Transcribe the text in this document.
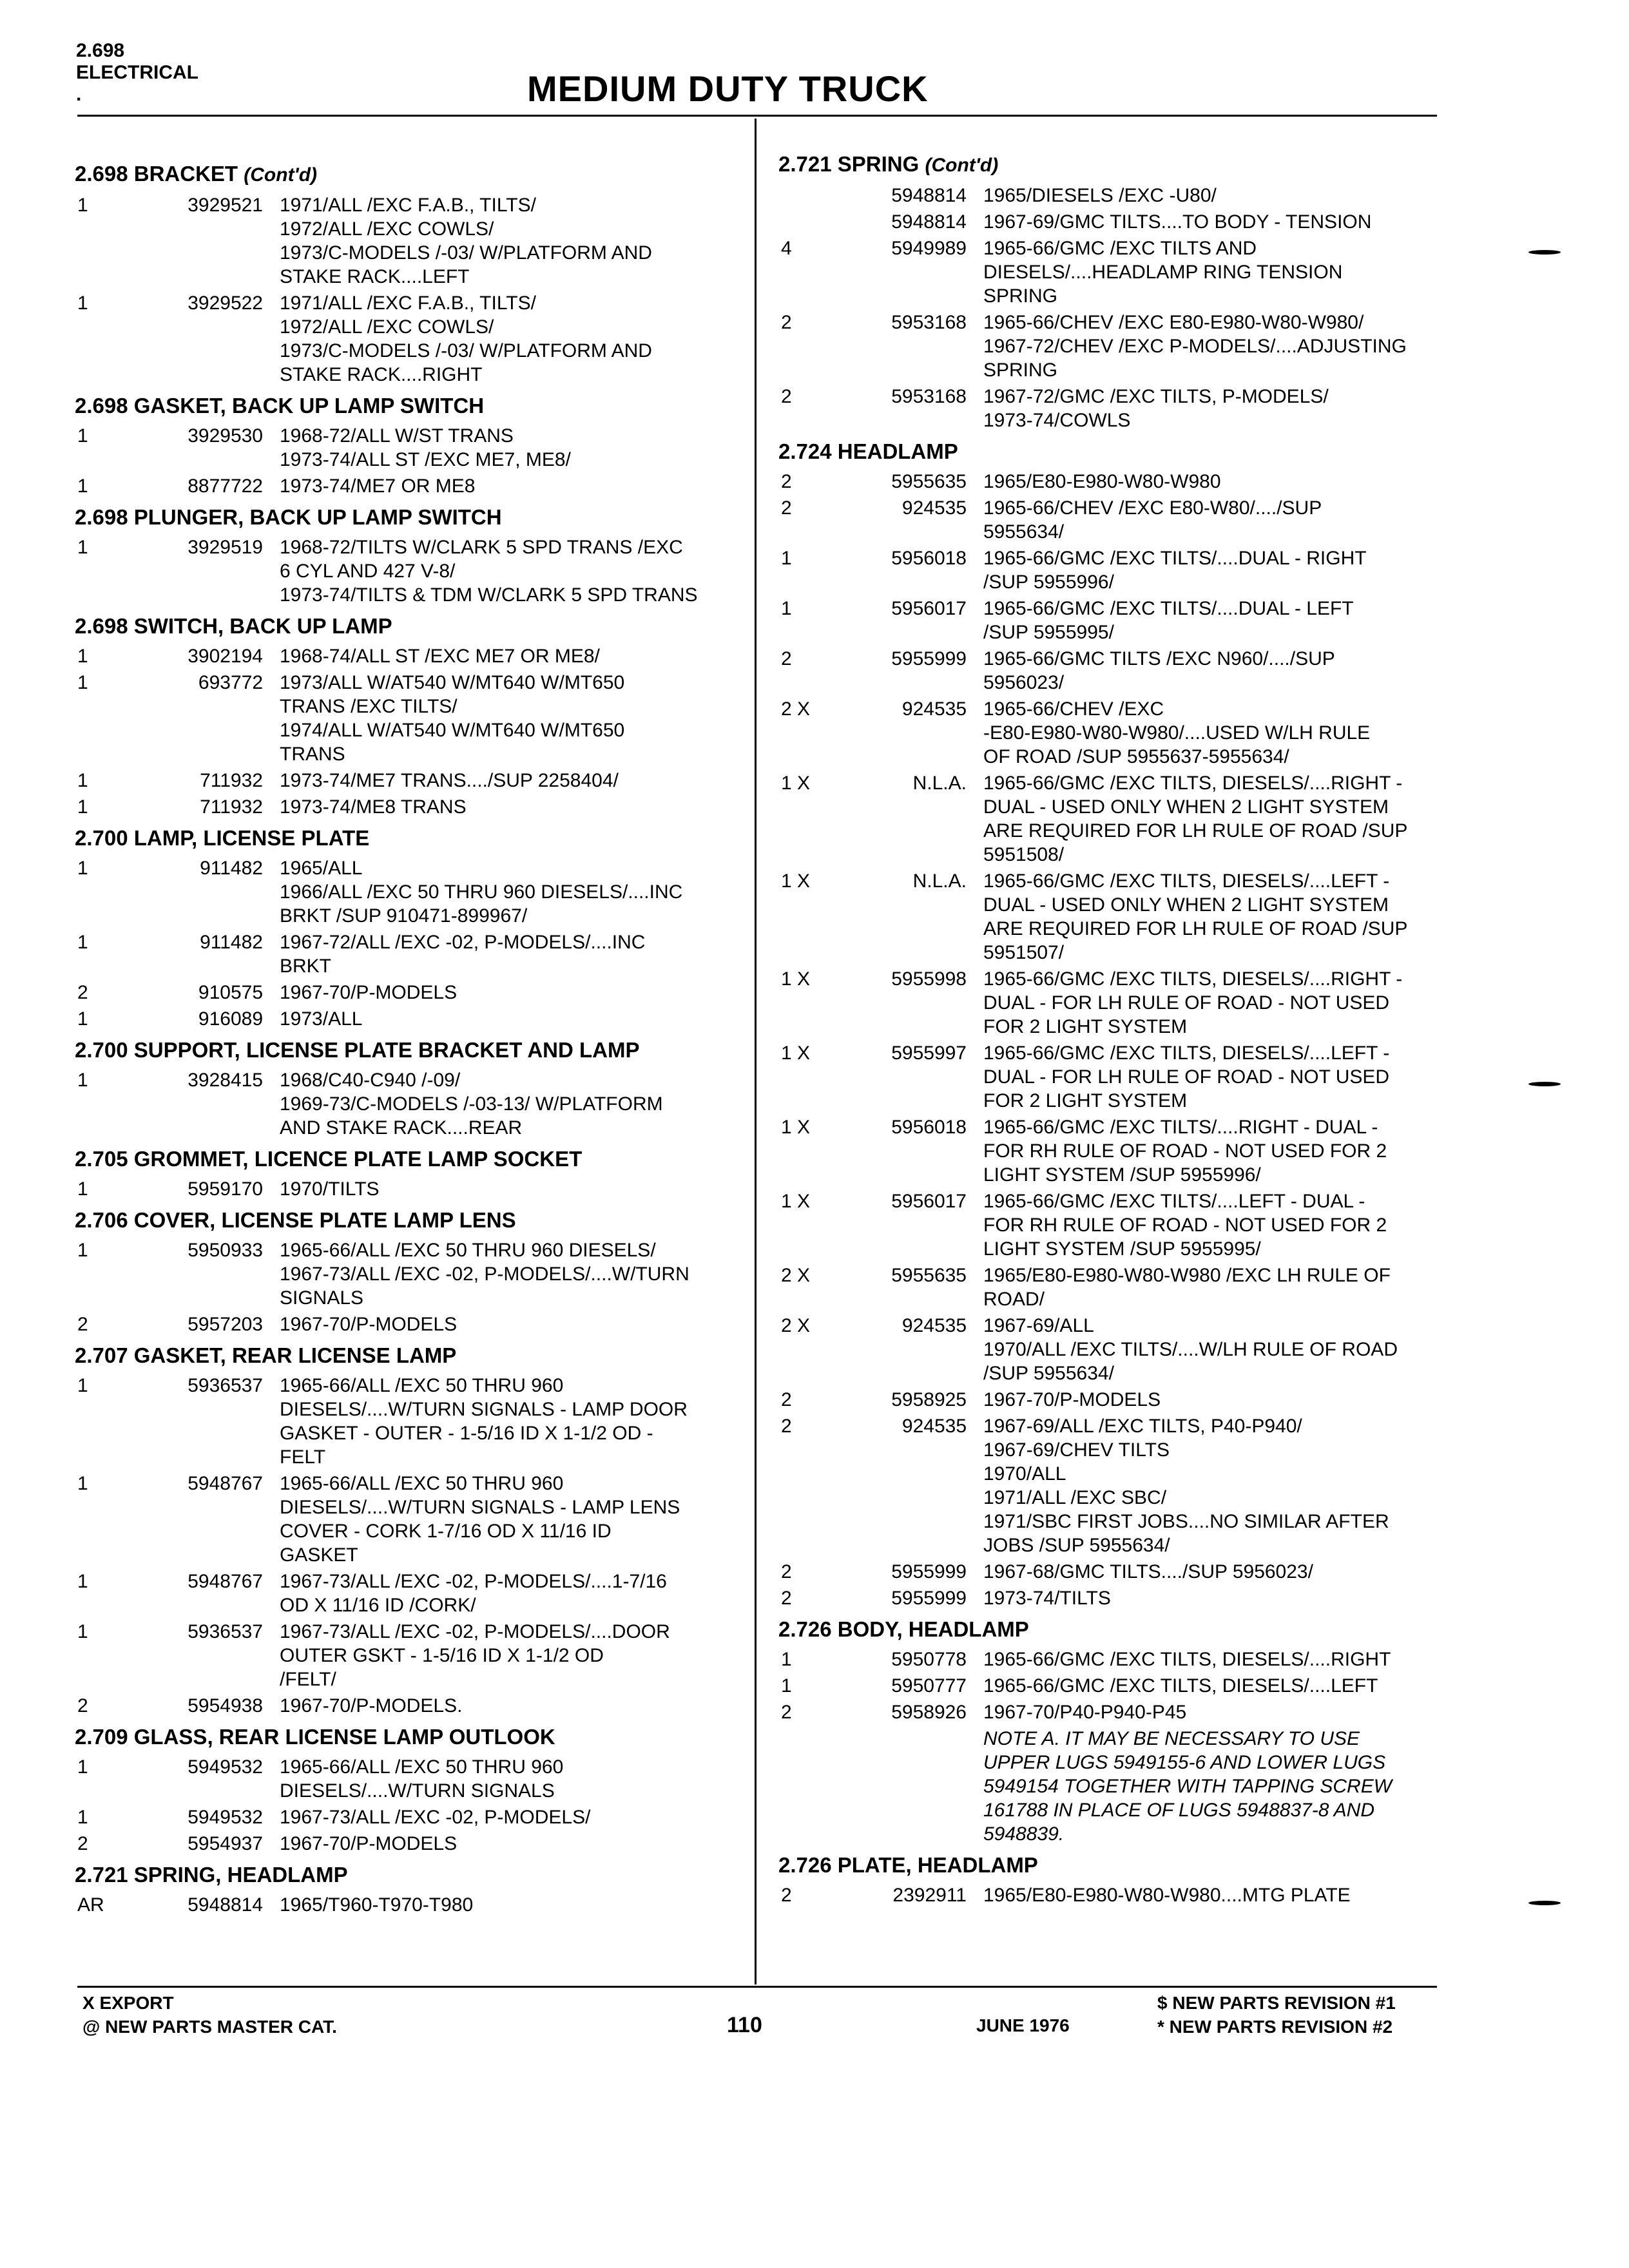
2.698
ELECTRICAL
.	MEDIUM DUTY TRUCK
2.698 BRACKET (Cont'd)
1	3929521 1971/ALL /EXC F.A.B., TILTS/
1972/ALL /EXC COWLS/
1973/C-MODELS /-03/ W/PLATFORM AND
STAKE RACK....LEFT
1	3929522 1971/ALL /EXC F.A.B., TILTS/
1972/ALL /EXC COWLS/
1973/C-MODELS /-03/ W/PLATFORM AND
STAKE RACK....RIGHT
2.698 GASKET, BACK UP LAMP SWITCH
1	3929530 1968-72/ALL W/ST TRANS
1973-74/ALL ST /EXC ME7, ME8/
1	8877722 1973-74/ME7 OR ME8
2.698 PLUNGER, BACK UP LAMP SWITCH
1	3929519 1968-72/TILTS W/CLARK 5 SPD TRANS /EXC
6 CYL AND 427 V-8/
1973-74/TILTS & TDM W/CLARK 5 SPD TRANS
2.698 SWITCH, BACK UP LAMP
1	3902194 1968-74/ALL ST /EXC ME7 OR ME8/
1	693772 1973/ALL W/AT540 W/MT640 W/MT650
TRANS /EXC TILTS/
1974/ALL W/AT540 W/MT640 W/MT650
TRANS
1	711932 1973-74/ME7 TRANS..../SUP 2258404/
1	711932 1973-74/ME8 TRANS
2.700 LAMP, LICENSE PLATE
1	911482 1965/ALL
1966/ALL /EXC 50 THRU 960 DIESELS/....INC
BRKT /SUP 910471-899967/
1	911482 1967-72/ALL /EXC -02, P-MODELS/....INC
BRKT
2	910575 1967-70/P-MODELS
1	916089 1973/ALL
2.700 SUPPORT, LICENSE PLATE BRACKET AND LAMP
1	3928415 1968/C40-C940 /-09/
1969-73/C-MODELS /-03-13/ W/PLATFORM
AND STAKE RACK....REAR
2.705 GROMMET, LICENCE PLATE LAMP SOCKET
1	5959170 1970/TILTS
2.706 COVER, LICENSE PLATE LAMP LENS
1	5950933 1965-66/ALL /EXC 50 THRU 960 DIESELS/
1967-73/ALL /EXC -02, P-MODELS/....W/TURN
SIGNALS
2	5957203 1967-70/P-MODELS
2.707 GASKET, REAR LICENSE LAMP
1	5936537 1965-66/ALL /EXC 50 THRU 960
DIESELS/....W/TURN SIGNALS - LAMP DOOR
GASKET - OUTER - 1-5/16 ID X 1-1/2 OD -
FELT
1	5948767 1965-66/ALL /EXC 50 THRU 960
DIESELS/....W/TURN SIGNALS - LAMP LENS
COVER - CORK 1-7/16 OD X 11/16 ID
GASKET
1	5948767 1967-73/ALL /EXC -02, P-MODELS/....1-7/16
OD X 11/16 ID /CORK/
1	5936537 1967-73/ALL /EXC -02, P-MODELS/....DOOR
OUTER GSKT - 1-5/16 ID X 1-1/2 OD
/FELT/
2	5954938 1967-70/P-MODELS.
2.709 GLASS, REAR LICENSE LAMP OUTLOOK
1	5949532 1965-66/ALL /EXC 50 THRU 960
DIESELS/....W/TURN SIGNALS
1	5949532 1967-73/ALL /EXC -02, P-MODELS/
2	5954937 1967-70/P-MODELS
2.721 SPRING, HEADLAMP
AR	5948814 1965/T960-T970-T980
2.721 SPRING (Cont'd)
5948814 1965/DIESELS /EXC -U80/
5948814 1967-69/GMC TILTS....TO BODY - TENSION
4	5949989 1965-66/GMC /EXC TILTS AND
DIESELS/....HEADLAMP RING TENSION
SPRING
2	5953168 1965-66/CHEV /EXC E80-E980-W80-W980/
1967-72/CHEV /EXC P-MODELS/....ADJUSTING
SPRING
2	5953168 1967-72/GMC /EXC TILTS, P-MODELS/
1973-74/COWLS
2.724 HEADLAMP
2	5955635 1965/E80-E980-W80-W980
2	924535 1965-66/CHEV /EXC E80-W80/..../SUP
5955634/
1	5956018 1965-66/GMC /EXC TILTS/....DUAL - RIGHT
/SUP 5955996/
1	5956017 1965-66/GMC /EXC TILTS/....DUAL - LEFT
/SUP 5955995/
2	5955999 1965-66/GMC TILTS /EXC N960/..../SUP
5956023/
2 X	924535 1965-66/CHEV /EXC
-E80-E980-W80-W980/....USED W/LH RULE
OF ROAD /SUP 5955637-5955634/
1 X	N.L.A. 1965-66/GMC /EXC TILTS, DIESELS/....RIGHT -
DUAL - USED ONLY WHEN 2 LIGHT SYSTEM
ARE REQUIRED FOR LH RULE OF ROAD /SUP
5951508/
1 X	N.L.A. 1965-66/GMC /EXC TILTS, DIESELS/....LEFT -
DUAL - USED ONLY WHEN 2 LIGHT SYSTEM
ARE REQUIRED FOR LH RULE OF ROAD /SUP
5951507/
1 X	5955998 1965-66/GMC /EXC TILTS, DIESELS/....RIGHT -
DUAL - FOR LH RULE OF ROAD - NOT USED
FOR 2 LIGHT SYSTEM
1 X	5955997 1965-66/GMC /EXC TILTS, DIESELS/....LEFT -
DUAL - FOR LH RULE OF ROAD - NOT USED
FOR 2 LIGHT SYSTEM
1 X	5956018 1965-66/GMC /EXC TILTS/....RIGHT - DUAL -
FOR RH RULE OF ROAD - NOT USED FOR 2
LIGHT SYSTEM /SUP 5955996/
1 X	5956017 1965-66/GMC /EXC TILTS/....LEFT - DUAL -
FOR RH RULE OF ROAD - NOT USED FOR 2
LIGHT SYSTEM /SUP 5955995/
2 X	5955635 1965/E80-E980-W80-W980 /EXC LH RULE OF
ROAD/
2 X	924535 1967-69/ALL
1970/ALL /EXC TILTS/....W/LH RULE OF ROAD
/SUP 5955634/
2	5958925 1967-70/P-MODELS
2	924535 1967-69/ALL /EXC TILTS, P40-P940/
1967-69/CHEV TILTS
1970/ALL
1971/ALL /EXC SBC/
1971/SBC FIRST JOBS....NO SIMILAR AFTER
JOBS /SUP 5955634/
2	5955999 1967-68/GMC TILTS..../SUP 5956023/
2	5955999 1973-74/TILTS
2.726 BODY, HEADLAMP
1	5950778 1965-66/GMC /EXC TILTS, DIESELS/....RIGHT
1	5950777 1965-66/GMC /EXC TILTS, DIESELS/....LEFT
2	5958926 1967-70/P40-P940-P45
NOTE A. IT MAY BE NECESSARY TO USE
UPPER LUGS 5949155-6 AND LOWER LUGS
5949154 TOGETHER WITH TAPPING SCREW
161788 IN PLACE OF LUGS 5948837-8 AND
5948839.
2.726 PLATE, HEADLAMP
2	2392911 1965/E80-E980-W80-W980....MTG PLATE
X EXPORT
@ NEW PARTS MASTER CAT.	110	JUNE 1976
$ NEW PARTS REVISION #1
* NEW PARTS REVISION #2
